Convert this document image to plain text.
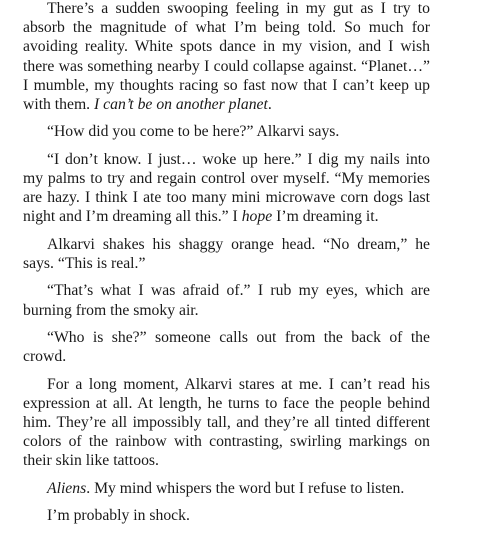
There’s a sudden swooping feeling in my gut as I try to absorb the magnitude of what I’m being told. So much for avoiding reality. White spots dance in my vision, and I wish there was something nearby I could collapse against. “Planet…” I mumble, my thoughts racing so fast now that I can’t keep up with them. I can’t be on another planet.

“How did you come to be here?” Alkarvi says.

“I don’t know. I just… woke up here.” I dig my nails into my palms to try and regain control over myself. “My memories are hazy. I think I ate too many mini microwave corn dogs last night and I’m dreaming all this.” I hope I’m dreaming it.

Alkarvi shakes his shaggy orange head. “No dream,” he says. “This is real.”

“That’s what I was afraid of.” I rub my eyes, which are burning from the smoky air.

“Who is she?” someone calls out from the back of the crowd.

For a long moment, Alkarvi stares at me. I can’t read his expression at all. At length, he turns to face the people behind him. They’re all impossibly tall, and they’re all tinted different colors of the rainbow with contrasting, swirling markings on their skin like tattoos.

Aliens. My mind whispers the word but I refuse to listen.

I’m probably in shock.
